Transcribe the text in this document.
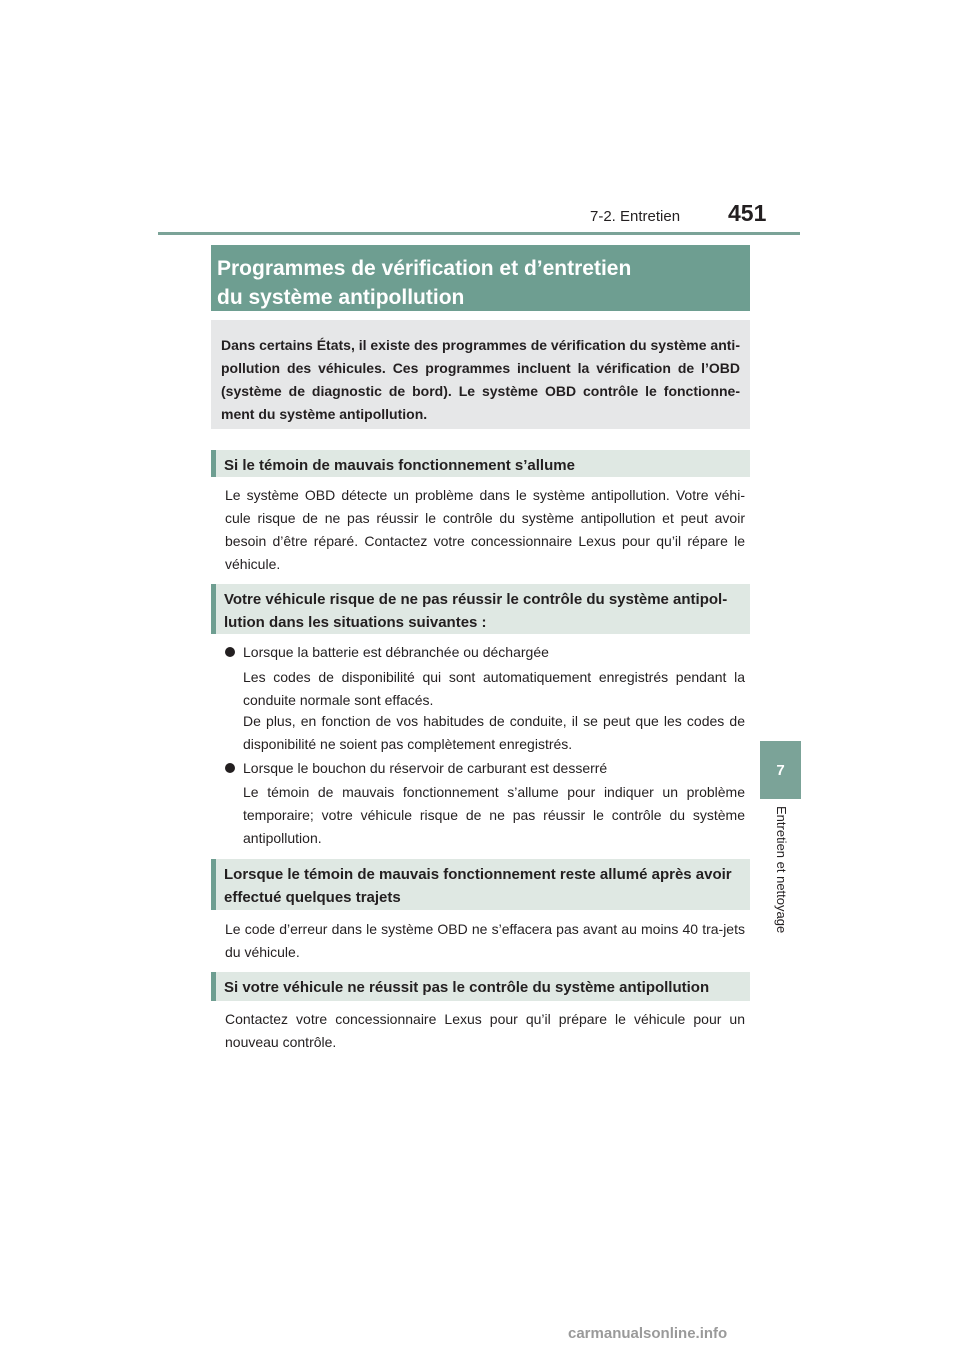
7-2. Entretien 451
7
Entretien et nettoyage
Programmes de vérification et d’entretien
du système antipollution
Dans certains États, il existe des programmes de vérification du système anti-pollution des véhicules. Ces programmes incluent la vérification de l’OBD (système de diagnostic de bord). Le système OBD contrôle le fonctionne-ment du système antipollution.
Si le témoin de mauvais fonctionnement s’allume

Le système OBD détecte un problème dans le système antipollution. Votre véhi-cule risque de ne pas réussir le contrôle du système antipollution et peut avoir besoin d’être réparé. Contactez votre concessionnaire Lexus pour qu’il répare le véhicule.

Votre véhicule risque de ne pas réussir le contrôle du système antipol-
lution dans les situations suivantes :
Lorsque la batterie est débranchée ou déchargée

Les codes de disponibilité qui sont automatiquement enregistrés pendant la conduite normale sont effacés.

De plus, en fonction de vos habitudes de conduite, il se peut que les codes de disponibilité ne soient pas complètement enregistrés.

Lorsque le bouchon du réservoir de carburant est desserré

Le témoin de mauvais fonctionnement s’allume pour indiquer un problème temporaire; votre véhicule risque de ne pas réussir le contrôle du système antipollution.

Lorsque le témoin de mauvais fonctionnement reste allumé après avoir
effectué quelques trajets

Le code d’erreur dans le système OBD ne s’effacera pas avant au moins 40 tra-jets du véhicule.

Si votre véhicule ne réussit pas le contrôle du système antipollution

Contactez votre concessionnaire Lexus pour qu’il prépare le véhicule pour un nouveau contrôle.

carmanualsonline.info
